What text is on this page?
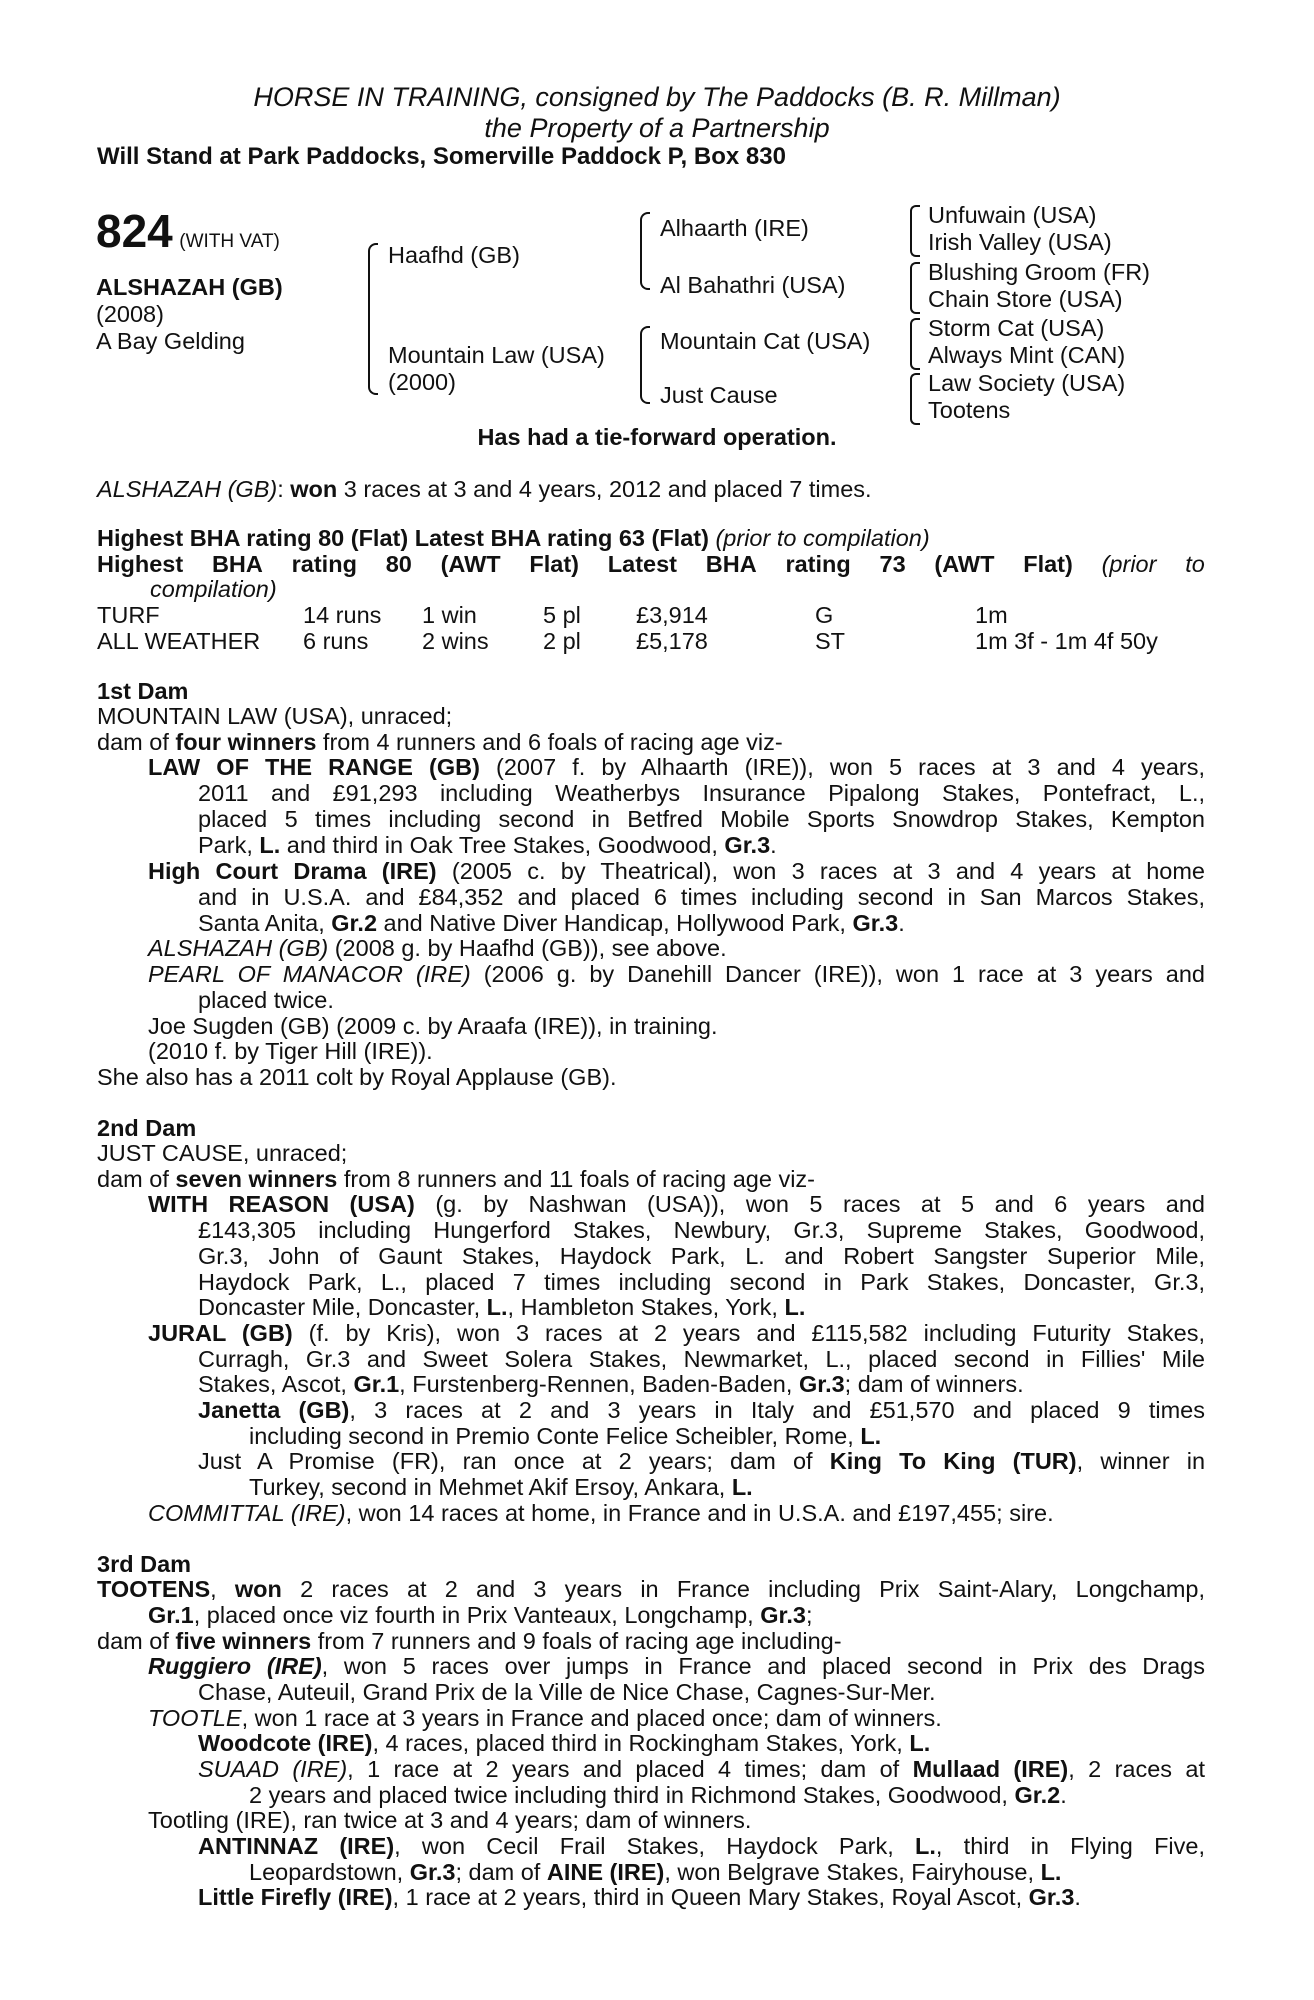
HORSE IN TRAINING, consigned by The Paddocks (B. R. Millman)
the Property of a Partnership
Will Stand at Park Paddocks, Somerville Paddock P, Box 830
824 (WITH VAT)
ALSHAZAH (GB)
(2008)
A Bay Gelding
Haafhd (GB)
Mountain Law (USA)
(2000)
Alhaarth (IRE)
Al Bahathri (USA)
Mountain Cat (USA)
Just Cause
Unfuwain (USA)
Irish Valley (USA)
Blushing Groom (FR)
Chain Store (USA)
Storm Cat (USA)
Always Mint (CAN)
Law Society (USA)
Tootens
Has had a tie-forward operation.
ALSHAZAH (GB): won 3 races at 3 and 4 years, 2012 and placed 7 times.
Highest BHA rating 80 (Flat) Latest BHA rating 63 (Flat) (prior to compilation)
Highest BHA rating 80 (AWT Flat) Latest BHA rating 73 (AWT Flat) (prior to
compilation)
TURF	14 runs 1 win	5 pl £3,914	G	1m
ALL WEATHER 6 runs 2 wins 2 pl £5,178	ST	1m 3f - 1m 4f 50y
1st Dam
MOUNTAIN LAW (USA), unraced;
dam of four winners from 4 runners and 6 foals of racing age viz-
LAW OF THE RANGE (GB) (2007 f. by Alhaarth (IRE)), won 5 races at 3 and 4 years,
2011 and £91,293 including Weatherbys Insurance Pipalong Stakes, Pontefract, L.,
placed 5 times including second in Betfred Mobile Sports Snowdrop Stakes, Kempton
Park, L. and third in Oak Tree Stakes, Goodwood, Gr.3.
High Court Drama (IRE) (2005 c. by Theatrical), won 3 races at 3 and 4 years at home
and in U.S.A. and £84,352 and placed 6 times including second in San Marcos Stakes,
Santa Anita, Gr.2 and Native Diver Handicap, Hollywood Park, Gr.3.
ALSHAZAH (GB) (2008 g. by Haafhd (GB)), see above.
PEARL OF MANACOR (IRE) (2006 g. by Danehill Dancer (IRE)), won 1 race at 3 years and
placed twice.
Joe Sugden (GB) (2009 c. by Araafa (IRE)), in training.
(2010 f. by Tiger Hill (IRE)).
She also has a 2011 colt by Royal Applause (GB).
2nd Dam
JUST CAUSE, unraced;
dam of seven winners from 8 runners and 11 foals of racing age viz-
WITH REASON (USA) (g. by Nashwan (USA)), won 5 races at 5 and 6 years and
£143,305 including Hungerford Stakes, Newbury, Gr.3, Supreme Stakes, Goodwood,
Gr.3, John of Gaunt Stakes, Haydock Park, L. and Robert Sangster Superior Mile,
Haydock Park, L., placed 7 times including second in Park Stakes, Doncaster, Gr.3,
Doncaster Mile, Doncaster, L., Hambleton Stakes, York, L.
JURAL (GB) (f. by Kris), won 3 races at 2 years and £115,582 including Futurity Stakes,
Curragh, Gr.3 and Sweet Solera Stakes, Newmarket, L., placed second in Fillies' Mile
Stakes, Ascot, Gr.1, Furstenberg-Rennen, Baden-Baden, Gr.3; dam of winners.
Janetta (GB), 3 races at 2 and 3 years in Italy and £51,570 and placed 9 times
including second in Premio Conte Felice Scheibler, Rome, L.
Just A Promise (FR), ran once at 2 years; dam of King To King (TUR), winner in
Turkey, second in Mehmet Akif Ersoy, Ankara, L.
COMMITTAL (IRE), won 14 races at home, in France and in U.S.A. and £197,455; sire.
3rd Dam
TOOTENS, won 2 races at 2 and 3 years in France including Prix Saint-Alary, Longchamp,
Gr.1, placed once viz fourth in Prix Vanteaux, Longchamp, Gr.3;
dam of five winners from 7 runners and 9 foals of racing age including-
Ruggiero (IRE), won 5 races over jumps in France and placed second in Prix des Drags
Chase, Auteuil, Grand Prix de la Ville de Nice Chase, Cagnes-Sur-Mer.
TOOTLE, won 1 race at 3 years in France and placed once; dam of winners.
Woodcote (IRE), 4 races, placed third in Rockingham Stakes, York, L.
SUAAD (IRE), 1 race at 2 years and placed 4 times; dam of Mullaad (IRE), 2 races at
2 years and placed twice including third in Richmond Stakes, Goodwood, Gr.2.
Tootling (IRE), ran twice at 3 and 4 years; dam of winners.
ANTINNAZ (IRE), won Cecil Frail Stakes, Haydock Park, L., third in Flying Five,
Leopardstown, Gr.3; dam of AINE (IRE), won Belgrave Stakes, Fairyhouse, L.
Little Firefly (IRE), 1 race at 2 years, third in Queen Mary Stakes, Royal Ascot, Gr.3.
